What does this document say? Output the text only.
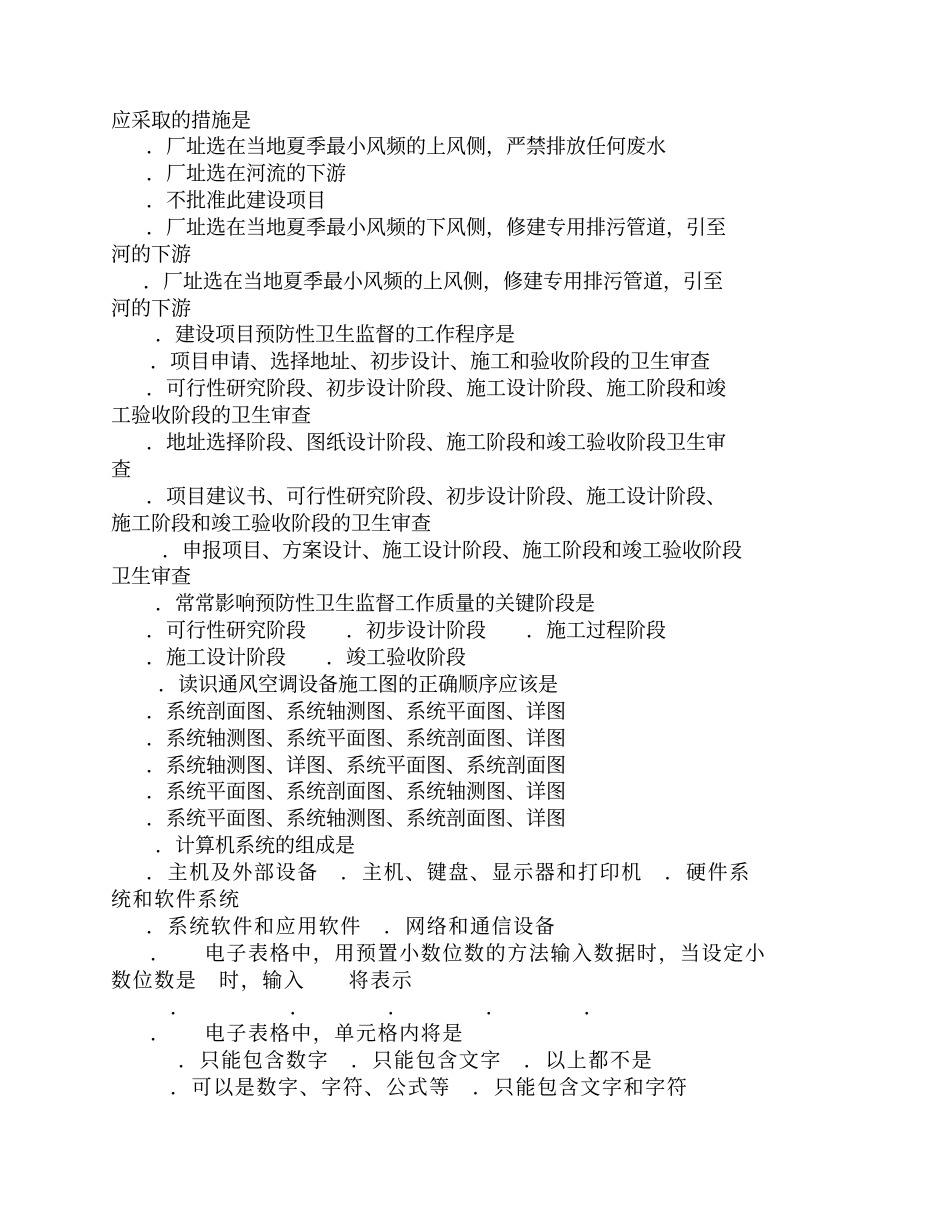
应采取的措施是

．厂址选在当地夏季最小风频的上风侧，严禁排放任何废水

．厂址选在河流的下游

．不批准此建设项目

．厂址选在当地夏季最小风频的下风侧，修建专用排污管道，引至

河的下游

．厂址选在当地夏季最小风频的上风侧，修建专用排污管道，引至

河的下游

．建设项目预防性卫生监督的工作程序是

．项目申请、选择地址、初步设计、施工和验收阶段的卫生审查

．可行性研究阶段、初步设计阶段、施工设计阶段、施工阶段和竣

工验收阶段的卫生审查

．地址选择阶段、图纸设计阶段、施工阶段和竣工验收阶段卫生审

查

．项目建议书、可行性研究阶段、初步设计阶段、施工设计阶段、

施工阶段和竣工验收阶段的卫生审查

．申报项目、方案设计、施工设计阶段、施工阶段和竣工验收阶段

卫生审查

．常常影响预防性卫生监督工作质量的关键阶段是

．可行性研究阶段　　．初步设计阶段　　．施工过程阶段

．施工设计阶段　　．竣工验收阶段

．读识通风空调设备施工图的正确顺序应该是

．系统剖面图、系统轴测图、系统平面图、详图

．系统轴测图、系统平面图、系统剖面图、详图

．系统轴测图、详图、系统平面图、系统剖面图

．系统平面图、系统剖面图、系统轴测图、详图

．系统平面图、系统轴测图、系统剖面图、详图

．计算机系统的组成是

．主机及外部设备　．主机、键盘、显示器和打印机　．硬件系

统和软件系统

．系统软件和应用软件　．网络和通信设备

．　　电子表格中，用预置小数位数的方法输入数据时，当设定小

数位数是　时，输入　　将表示

．　　　　　．　　　　．　　　　．　　　　．

．　　电子表格中，单元格内将是

．只能包含数字　．只能包含文字　．以上都不是

．可以是数字、字符、公式等　．只能包含文字和字符
